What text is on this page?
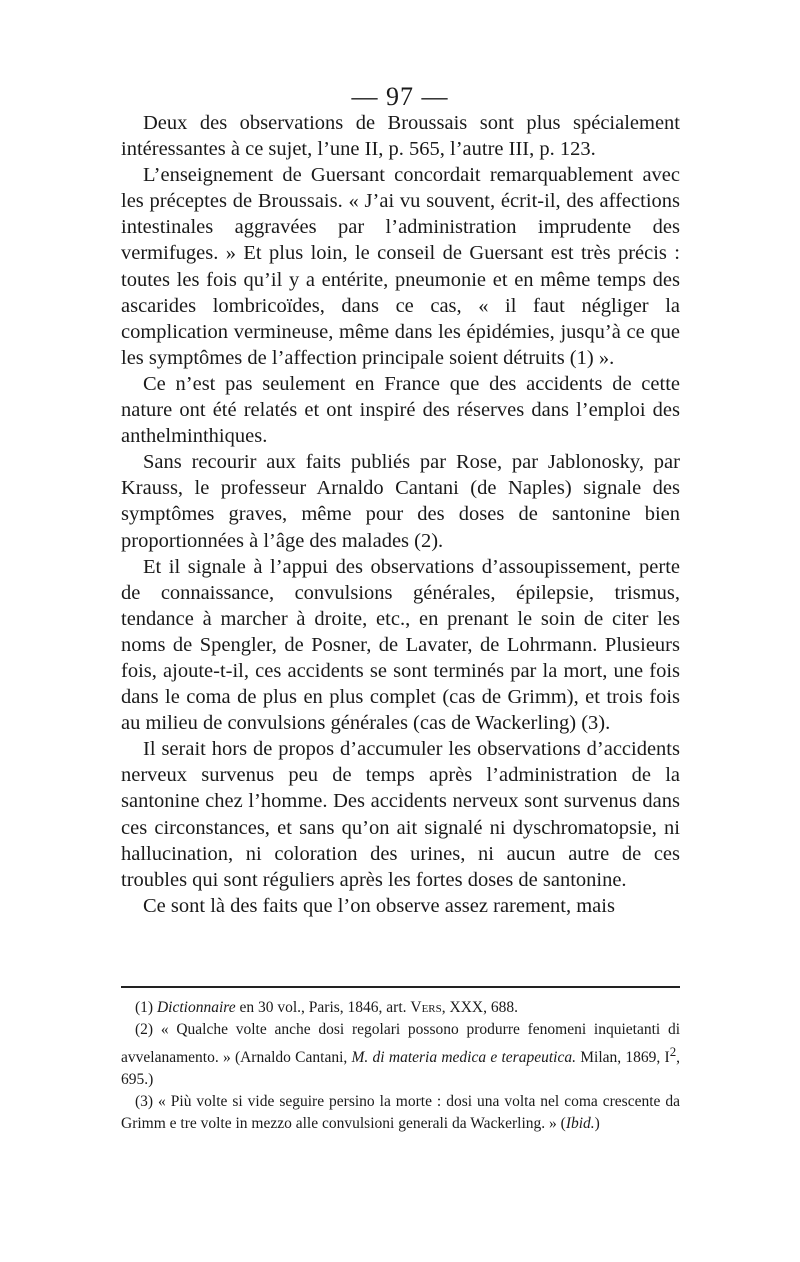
— 97 —

Deux des observations de Broussais sont plus spécialement intéressantes à ce sujet, l’une II, p. 565, l’autre III, p. 123.

L’enseignement de Guersant concordait remarquablement avec les préceptes de Broussais. « J’ai vu souvent, écrit-il, des affections intestinales aggravées par l’administration imprudente des vermifuges. » Et plus loin, le conseil de Guersant est très précis : toutes les fois qu’il y a entérite, pneumonie et en même temps des ascarides lombricoïdes, dans ce cas, « il faut négliger la complication vermineuse, même dans les épidémies, jusqu’à ce que les symptômes de l’affection principale soient détruits (1) ».

Ce n’est pas seulement en France que des accidents de cette nature ont été relatés et ont inspiré des réserves dans l’emploi des anthelminthiques.

Sans recourir aux faits publiés par Rose, par Jablonosky, par Krauss, le professeur Arnaldo Cantani (de Naples) signale des symptômes graves, même pour des doses de santonine bien proportionnées à l’âge des malades (2).

Et il signale à l’appui des observations d’assoupissement, perte de connaissance, convulsions générales, épilepsie, trismus, tendance à marcher à droite, etc., en prenant le soin de citer les noms de Spengler, de Posner, de Lavater, de Lohrmann. Plusieurs fois, ajoute-t-il, ces accidents se sont terminés par la mort, une fois dans le coma de plus en plus complet (cas de Grimm), et trois fois au milieu de convulsions générales (cas de Wackerling) (3).

Il serait hors de propos d’accumuler les observations d’accidents nerveux survenus peu de temps après l’administration de la santonine chez l’homme. Des accidents nerveux sont survenus dans ces circonstances, et sans qu’on ait signalé ni dyschromatopsie, ni hallucination, ni coloration des urines, ni aucun autre de ces troubles qui sont réguliers après les fortes doses de santonine.

Ce sont là des faits que l’on observe assez rarement, mais

(1) Dictionnaire en 30 vol., Paris, 1846, art. Vers, XXX, 688.

(2) « Qualche volte anche dosi regolari possono produrre fenomeni inquietanti di avvelanamento. » (Arnaldo Cantani, M. di materia medica e terapeutica. Milan, 1869, $I^2$, 695.)

(3) « Più volte si vide seguire persino la morte : dosi una volta nel coma crescente da Grimm e tre volte in mezzo alle convulsioni generali da Wackerling. » (Ibid.)
